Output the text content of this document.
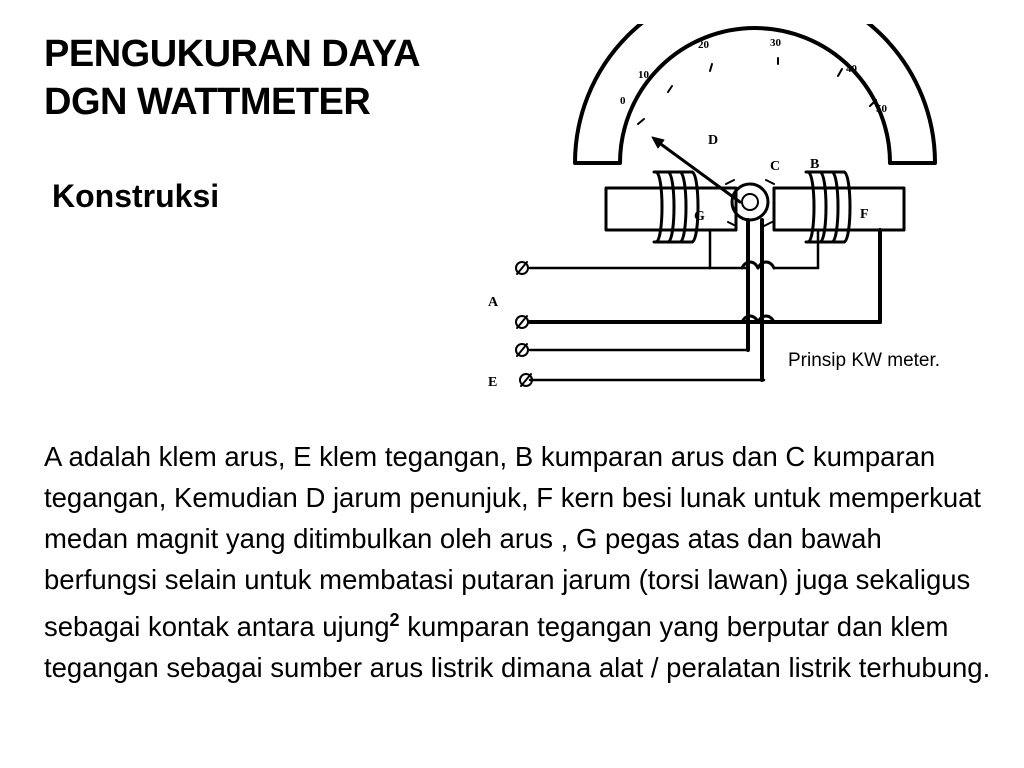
PENGUKURAN DAYA
DGN WATTMETER
Konstruksi
0
10
20	30
40
50
D
C B
G	F
A
E

Prinsip KW meter.

A adalah klem arus, E klem tegangan, B kumparan arus dan C kumparan tegangan, Kemudian D jarum penunjuk, F kern besi lunak untuk memperkuat medan magnit yang ditimbulkan oleh arus , G pegas atas dan bawah berfungsi selain untuk membatasi putaran jarum (torsi lawan) juga sekaligus sebagai kontak antara ujung$^2$ kumparan tegangan yang berputar dan klem tegangan sebagai sumber arus listrik dimana alat / peralatan listrik terhubung.
